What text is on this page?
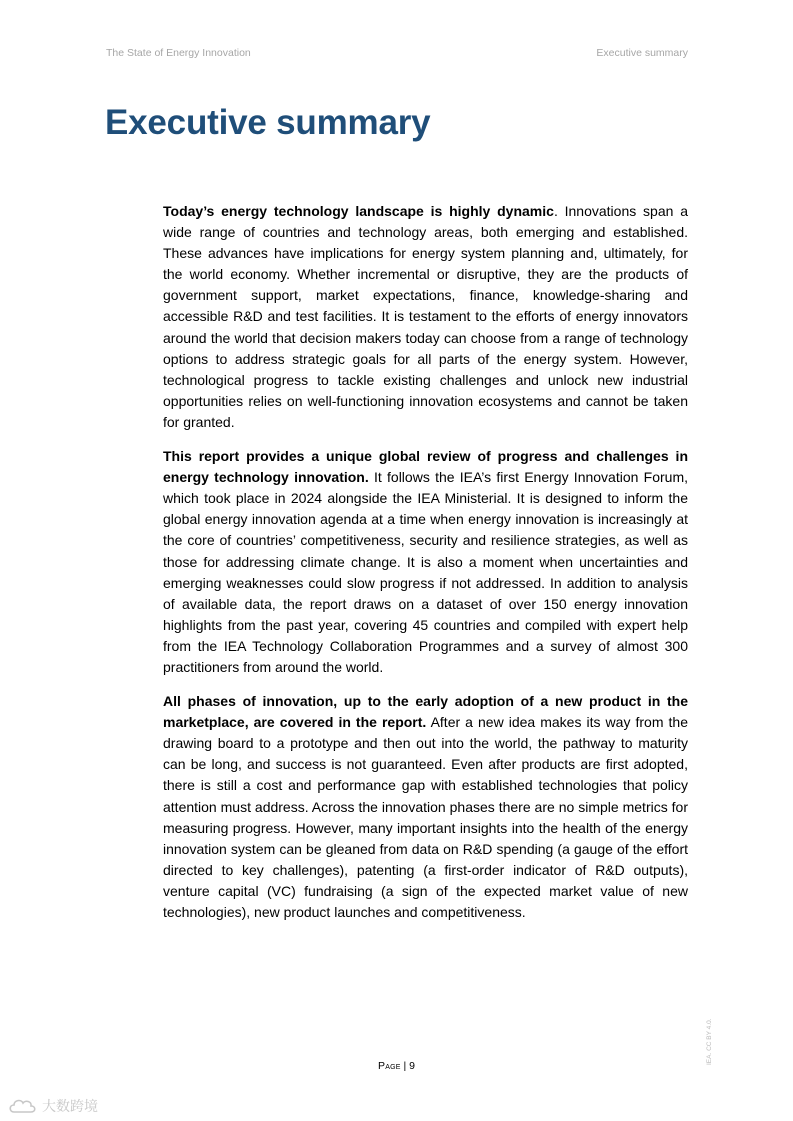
The State of Energy Innovation	Executive summary
Executive summary

Today’s energy technology landscape is highly dynamic. Innovations span a wide range of countries and technology areas, both emerging and established. These advances have implications for energy system planning and, ultimately, for the world economy. Whether incremental or disruptive, they are the products of government support, market expectations, finance, knowledge-sharing and accessible R&D and test facilities. It is testament to the efforts of energy innovators around the world that decision makers today can choose from a range of technology options to address strategic goals for all parts of the energy system. However, technological progress to tackle existing challenges and unlock new industrial opportunities relies on well-functioning innovation ecosystems and cannot be taken for granted.

This report provides a unique global review of progress and challenges in energy technology innovation. It follows the IEA’s first Energy Innovation Forum, which took place in 2024 alongside the IEA Ministerial. It is designed to inform the global energy innovation agenda at a time when energy innovation is increasingly at the core of countries’ competitiveness, security and resilience strategies, as well as those for addressing climate change. It is also a moment when uncertainties and emerging weaknesses could slow progress if not addressed. In addition to analysis of available data, the report draws on a dataset of over 150 energy innovation highlights from the past year, covering 45 countries and compiled with expert help from the IEA Technology Collaboration Programmes and a survey of almost 300 practitioners from around the world.

All phases of innovation, up to the early adoption of a new product in the marketplace, are covered in the report. After a new idea makes its way from the drawing board to a prototype and then out into the world, the pathway to maturity can be long, and success is not guaranteed. Even after products are first adopted, there is still a cost and performance gap with established technologies that policy attention must address. Across the innovation phases there are no simple metrics for measuring progress. However, many important insights into the health of the energy innovation system can be gleaned from data on R&D spending (a gauge of the effort directed to key challenges), patenting (a first-order indicator of R&D outputs), venture capital (VC) fundraising (a sign of the expected market value of new technologies), new product launches and competitiveness.

Page | 9
IEA. CC BY 4.0.
大数跨境
